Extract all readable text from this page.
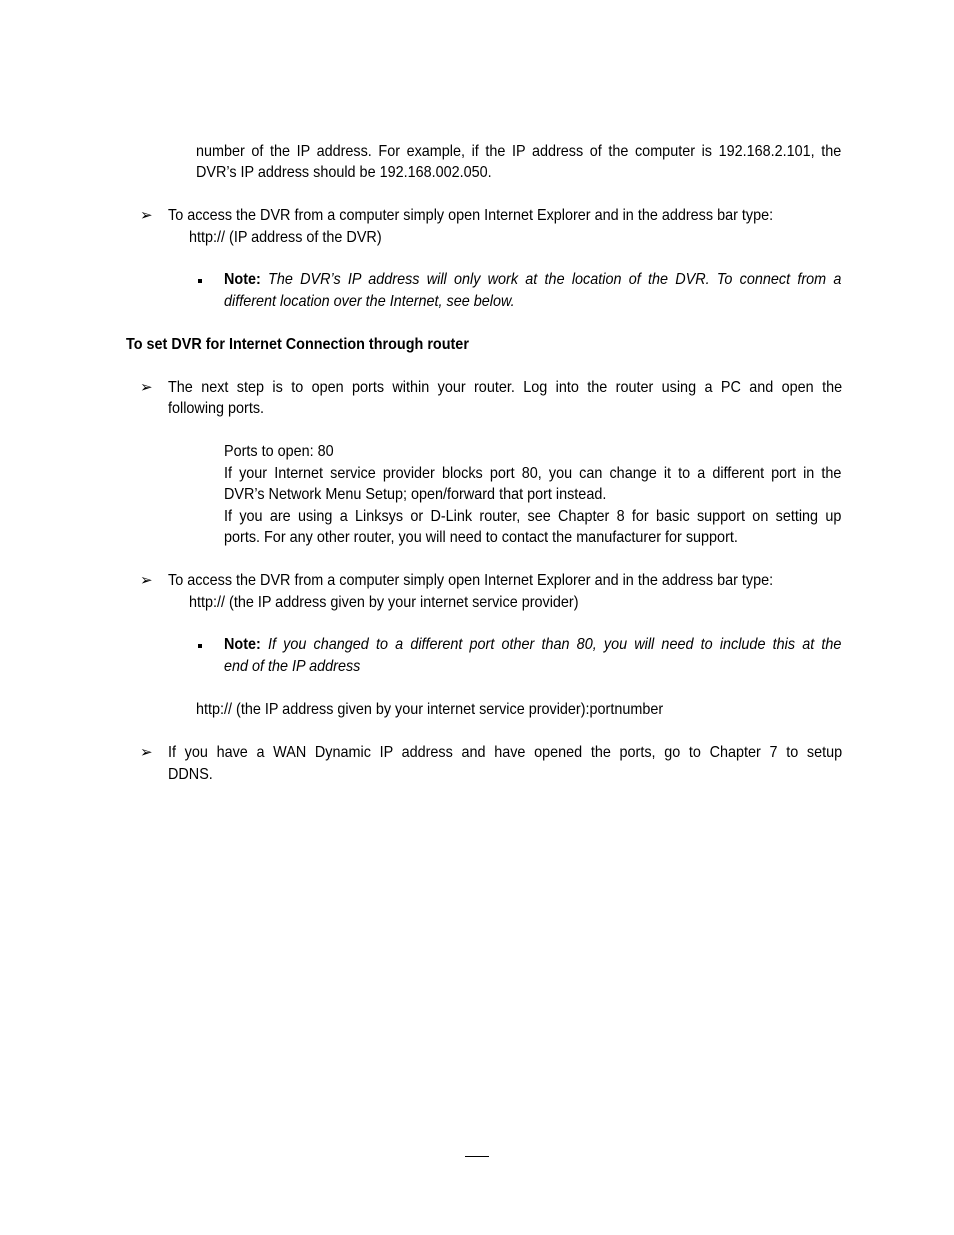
number of the IP address. For example, if the IP address of the computer is 192.168.2.101, the
DVR’s IP address should be 192.168.002.050.
➢ To access the DVR from a computer simply open Internet Explorer and in the address bar type:
http:// (IP address of the DVR)
Note: The DVR’s IP address will only work at the location of the DVR. To connect from a
different location over the Internet, see below.
To set DVR for Internet Connection through router
➢ The next step is to open ports within your router. Log into the router using a PC and open the
following ports.
Ports to open: 80
If your Internet service provider blocks port 80, you can change it to a different port in the
DVR’s Network Menu Setup; open/forward that port instead.
If you are using a Linksys or D-Link router, see Chapter 8 for basic support on setting up
ports. For any other router, you will need to contact the manufacturer for support.
➢ To access the DVR from a computer simply open Internet Explorer and in the address bar type:
http:// (the IP address given by your internet service provider)
Note: If you changed to a different port other than 80, you will need to include this at the
end of the IP address
http:// (the IP address given by your internet service provider):portnumber
➢ If you have a WAN Dynamic IP address and have opened the ports, go to Chapter 7 to setup
DDNS.
